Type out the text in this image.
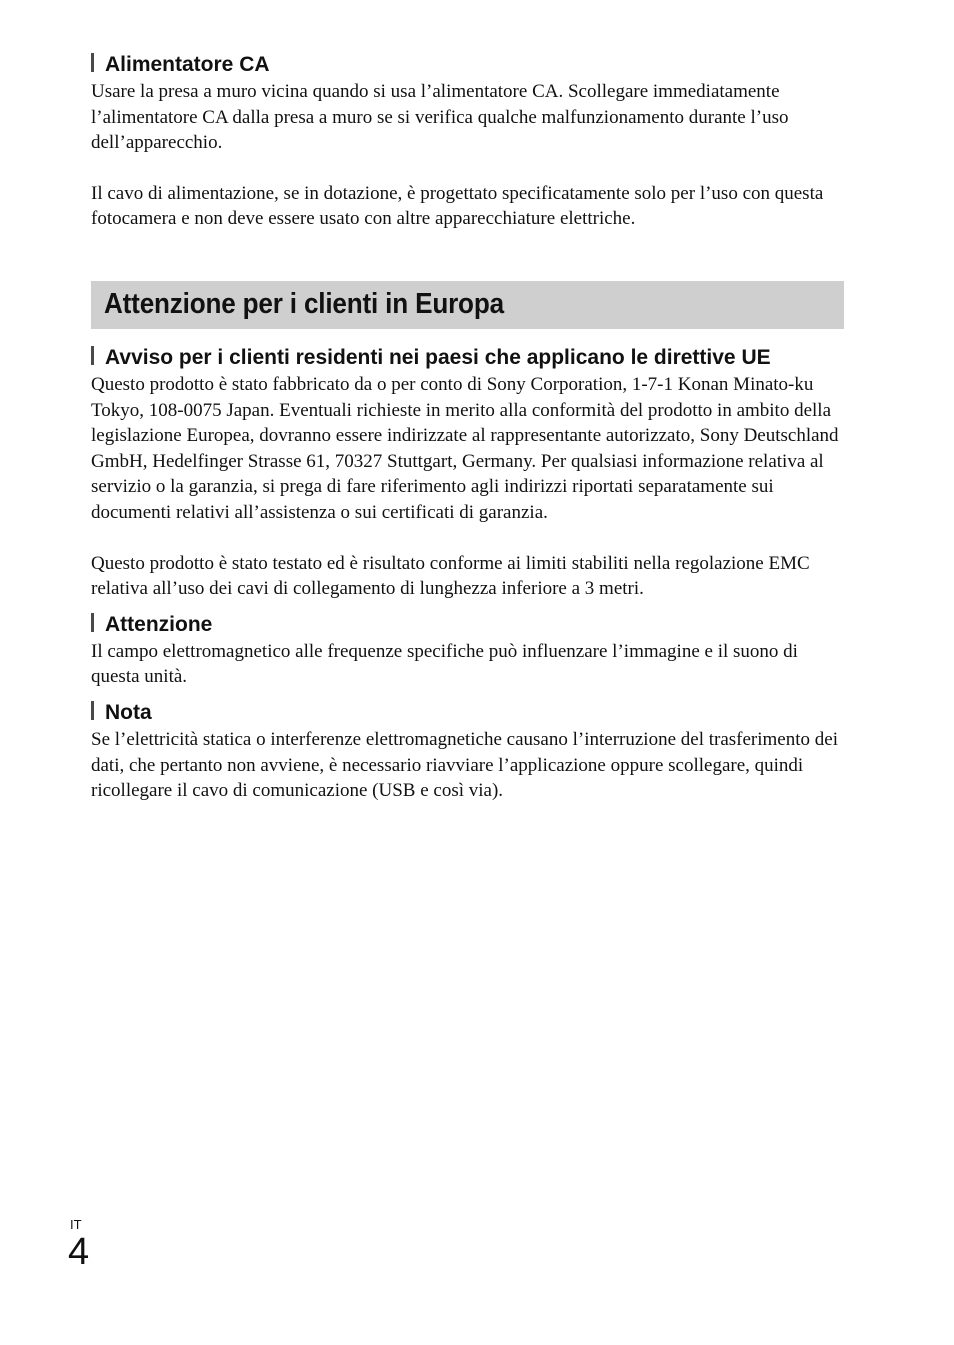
Alimentatore CA

Usare la presa a muro vicina quando si usa l’alimentatore CA. Scollegare immediatamente l’alimentatore CA dalla presa a muro se si verifica qualche malfunzionamento durante l’uso dell’apparecchio.

Il cavo di alimentazione, se in dotazione, è progettato specificatamente solo per l’uso con questa fotocamera e non deve essere usato con altre apparecchiature elettriche.

Attenzione per i clienti in Europa
Avviso per i clienti residenti nei paesi che applicano le direttive UE

Questo prodotto è stato fabbricato da o per conto di Sony Corporation, 1-7-1 Konan Minato-ku Tokyo, 108-0075 Japan. Eventuali richieste in merito alla conformità del prodotto in ambito della legislazione Europea, dovranno essere indirizzate al rappresentante autorizzato, Sony Deutschland GmbH, Hedelfinger Strasse 61, 70327 Stuttgart, Germany. Per qualsiasi informazione relativa al servizio o la garanzia, si prega di fare riferimento agli indirizzi riportati separatamente sui documenti relativi all’assistenza o sui certificati di garanzia.

Questo prodotto è stato testato ed è risultato conforme ai limiti stabiliti nella regolazione EMC relativa all’uso dei cavi di collegamento di lunghezza inferiore a 3 metri.

Attenzione

Il campo elettromagnetico alle frequenze specifiche può influenzare l’immagine e il suono di questa unità.

Nota

Se l’elettricità statica o interferenze elettromagnetiche causano l’interruzione del trasferimento dei dati, che pertanto non avviene, è necessario riavviare l’applicazione oppure scollegare, quindi ricollegare il cavo di comunicazione (USB e così via).

IT
4
